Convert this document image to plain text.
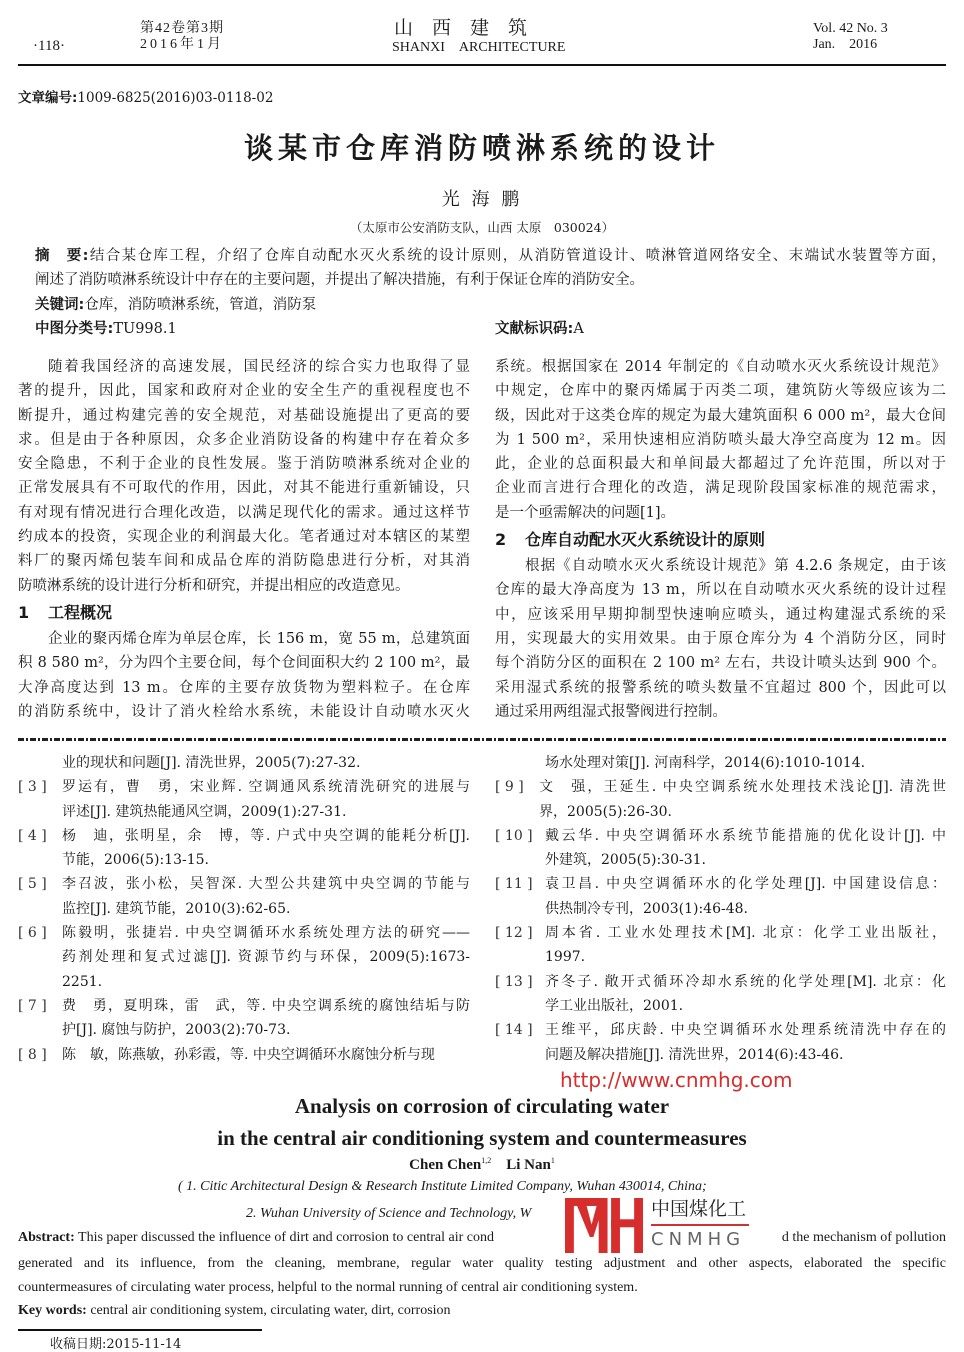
·118·
第42卷第3期
2016年1月
山　西　建　筑
SHANXI　ARCHITECTURE
Vol. 42 No. 3
Jan.　2016
文章编号:1009-6825(2016)03-0118-02
谈某市仓库消防喷淋系统的设计
光 海 鹏
（太原市公安消防支队，山西 太原　030024）
摘　要:结合某仓库工程，介绍了仓库自动配水灭火系统的设计原则，从消防管道设计、喷淋管道网络安全、末端试水装置等方面，
阐述了消防喷淋系统设计中存在的主要问题，并提出了解决措施，有利于保证仓库的消防安全。
关键词:仓库，消防喷淋系统，管道，消防泵
中图分类号:TU998.1	文献标识码:A
随着我国经济的高速发展，国民经济的综合实力也取得了显
著的提升，因此，国家和政府对企业的安全生产的重视程度也不
断提升，通过构建完善的安全规范，对基础设施提出了更高的要
求。但是由于各种原因，众多企业消防设备的构建中存在着众多
安全隐患，不利于企业的良性发展。鉴于消防喷淋系统对企业的
正常发展具有不可取代的作用，因此，对其不能进行重新铺设，只
有对现有情况进行合理化改造，以满足现代化的需求。通过这样节
约成本的投资，实现企业的利润最大化。笔者通过对本辖区的某塑
料厂的聚丙烯包装车间和成品仓库的消防隐患进行分析，对其消
防喷淋系统的设计进行分析和研究，并提出相应的改造意见。
1 工程概况
企业的聚丙烯仓库为单层仓库，长 156 m，宽 55 m，总建筑面
积 8 580 m²，分为四个主要仓间，每个仓间面积大约 2 100 m²，最
大净高度达到 13 m。仓库的主要存放货物为塑料粒子。在仓库
的消防系统中，设计了消火栓给水系统，未能设计自动喷水灭火
系统。根据国家在 2014 年制定的《自动喷水灭火系统设计规范》
中规定，仓库中的聚丙烯属于丙类二项，建筑防火等级应该为二
级，因此对于这类仓库的规定为最大建筑面积 6 000 m²，最大仓间
为 1 500 m²，采用快速相应消防喷头最大净空高度为 12 m。因
此，企业的总面积最大和单间最大都超过了允许范围，所以对于
企业而言进行合理化的改造，满足现阶段国家标准的规范需求，
是一个亟需解决的问题[1]。
2 仓库自动配水灭火系统设计的原则
根据《自动喷水灭火系统设计规范》第 4.2.6 条规定，由于该
仓库的最大净高度为 13 m，所以在自动喷水灭火系统的设计过程
中，应该采用早期抑制型快速响应喷头，通过构建湿式系统的采
用，实现最大的实用效果。由于原仓库分为 4 个消防分区，同时
每个消防分区的面积在 2 100 m² 左右，共设计喷头达到 900 个。
采用湿式系统的报警系统的喷头数量不宜超过 800 个，因此可以
通过采用两组湿式报警阀进行控制。
业的现状和问题[J]. 清洗世界，2005(7):27-32.
[ 3 ]	罗运有，曹　勇，宋业辉. 空调通风系统清洗研究的进展与
评述[J]. 建筑热能通风空调，2009(1):27-31.
[ 4 ]	杨　迪，张明星，余　博，等. 户式中央空调的能耗分析[J].
节能，2006(5):13-15.
[ 5 ]	李召波，张小松，吴智深. 大型公共建筑中央空调的节能与
监控[J]. 建筑节能，2010(3):62-65.
[ 6 ]	陈毅明，张捷岩. 中央空调循环水系统处理方法的研究——
药剂处理和复式过滤[J]. 资源节约与环保，2009(5):1673-
2251.
[ 7 ]	费　勇，夏明珠，雷　武，等. 中央空调系统的腐蚀结垢与防
护[J]. 腐蚀与防护，2003(2):70-73.
[ 8 ]	陈　敏，陈燕敏，孙彩霞，等. 中央空调循环水腐蚀分析与现
场水处理对策[J]. 河南科学，2014(6):1010-1014.
[ 9 ]	文　强，王延生. 中央空调系统水处理技术浅论[J]. 清洗世
界，2005(5):26-30.
[ 10 ] 戴云华. 中央空调循环水系统节能措施的优化设计[J]. 中
外建筑，2005(5):30-31.
[ 11 ] 袁卫昌. 中央空调循环水的化学处理[J]. 中国建设信息：
供热制冷专刊，2003(1):46-48.
[ 12 ] 周本省. 工业水处理技术[M]. 北京：化学工业出版社，
1997.
[ 13 ] 齐冬子. 敞开式循环冷却水系统的化学处理[M]. 北京：化
学工业出版社，2001.
[ 14 ] 王维平，邱庆龄. 中央空调循环水处理系统清洗中存在的
问题及解决措施[J]. 清洗世界，2014(6):43-46.
http://www.cnmhg.com
Analysis on corrosion of circulating water
in the central air conditioning system and countermeasures
Chen Chen$^{1,2}$ Li Nan$^1$
( 1. Citic Architectural Design & Research Institute Limited Company, Wuhan 430014, China;
2. Wuhan University of Science and Technology, W
Abstract: This paper discussed the influence of dirt and corrosion to central air cond	d the mechanism of pollution
generated and its influence, from the cleaning, membrane, regular water quality testing adjustment and other aspects, elaborated the specific
countermeasures of circulating water process, helpful to the normal running of central air conditioning system.
Key words: central air conditioning system, circulating water, dirt, corrosion
收稿日期:2015-11-14
中国煤化工
CNMHG
